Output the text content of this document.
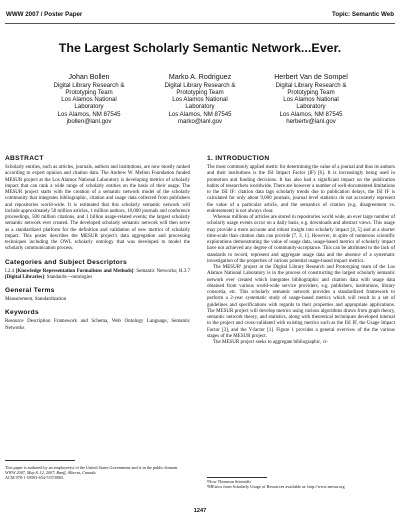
WWW 2007 / Poster Paper	Topic: Semantic Web
The Largest Scholarly Semantic Network...Ever.
Johan Bollen
Digital Library Research &
Prototyping Team
Los Alamos National
Laboratory
Los Alamos, NM 87545
jbollen@lanl.gov
Marko A. Rodriguez
Digital Library Research &
Prototyping Team
Los Alamos National
Laboratory
Los Alamos, NM 87545
marko@lanl.gov
Herbert Van de Sompel
Digital Library Research &
Prototyping Team
Los Alamos National
Laboratory
Los Alamos, NM 87545
herbertv@lanl.gov
ABSTRACT

Scholarly entities, such as articles, journals, authors and institutions, are now mostly ranked according to expert opinion and citation data. The Andrew W. Mellon Foundation funded MESUR project at the Los Alamos National Laboratory is developing metrics of scholarly impact that can rank a wide range of scholarly entities on the basis of their usage. The MESUR project starts with the creation of a semantic network model of the scholarly community that integrates bibliographic, citation and usage data collected from publishers and repositories world-wide. It is estimated that this scholarly semantic network will include approximately 50 million articles, 1 million authors, 10,000 journals and conference proceedings, 500 million citations, and 1 billion usage-related events; the largest scholarly semantic network ever created. The developed scholarly semantic network will then serve as a standardized platform for the definition and validation of new metrics of scholarly impact. This poster describes the MESUR project's data aggregation and processing techniques including the OWL scholarly ontology that was developed to model the scholarly communication process.

Categories and Subject Descriptors

I.2.4 [Knowledge Representation Formalisms and Methods]: Semantic Networks; H.3.7 [Digital Libraries]: Standards—ontologies

General Terms

Measurement, Standardization

Keywords

Resource Description Framework and Schema, Web Ontology Language, Semantic Networks

This paper is authored by an employee(s) of the United States Government and is in the public domain.
WWW 2007, May 8–12, 2007, Banff, Alberta, Canada.
ACM 978-1-59593-654-7/07/0005.
1. INTRODUCTION

The most commonly applied metric for determining the value of a journal and thus its authors and their institutions is the ISI Impact Factor (IF) [6]. It is increasingly being used in promotion and funding decisions. It has also had a significant impact on the publication habits of researchers worldwide. There are however a number of well-documented limitations to the ISI IF: citation data lags scholarly trends due to publication delays, the ISI IF is calculated for only about 9,000 journals, journal level statistics do not accurately represent the value of a particular article, and the semantics of citation (e.g. disagreement vs. endorsement) is not always clear.

Whereas millions of articles are stored in repositories world wide, an ever large number of scholarly usage events occur on a daily basis, e.g. downloads and abstract views. This usage may provide a more accurate and robust insight into scholarly impact [4, 5] and at a shorter time-scale than citation data can provide [7, 3, 1]. However, in spite of numerous scientific explorations demonstrating the value of usage data, usage-based metrics of scholarly impact have not achieved any degree of community-acceptance. This can be attributed to the lack of standards to record, represent and aggregate usage data and the absence of a systematic investigation of the properties of various potential usage-based impact metrics.

The MESUR¹ project at the Digital Library Research and Prototyping team of the Los Alamos National Laboratory is in the process of constructing the largest scholarly semantic network ever created which integrates bibliographic and citation data with usage data obtained from various world-wide service providers, e.g. publishers, institutions, library consortia, etc. This scholarly semantic network provides a standardized framework to perform a 2-year systematic study of usage-based metrics which will result in a set of guidelines and specifications with regards to their properties and appropriate applications. The MESUR project will develop metrics using various algorithms drawn from graph theory, semantic network theory, and statistics, along with theoretical techniques developed internal to the project and cross-validated with existing metrics such as the ISI IF, the Usage Impact Factor [3], and the Y-factor [1]. Figure 1 provides a general overview of the the various stages of the MESUR project.

The MESUR project seeks to aggregate bibliographic, ci-

¹Now Thomson Scientific
²MEtrics from Scholarly Usage of Resources available at: http://www.mesur.org
1247
